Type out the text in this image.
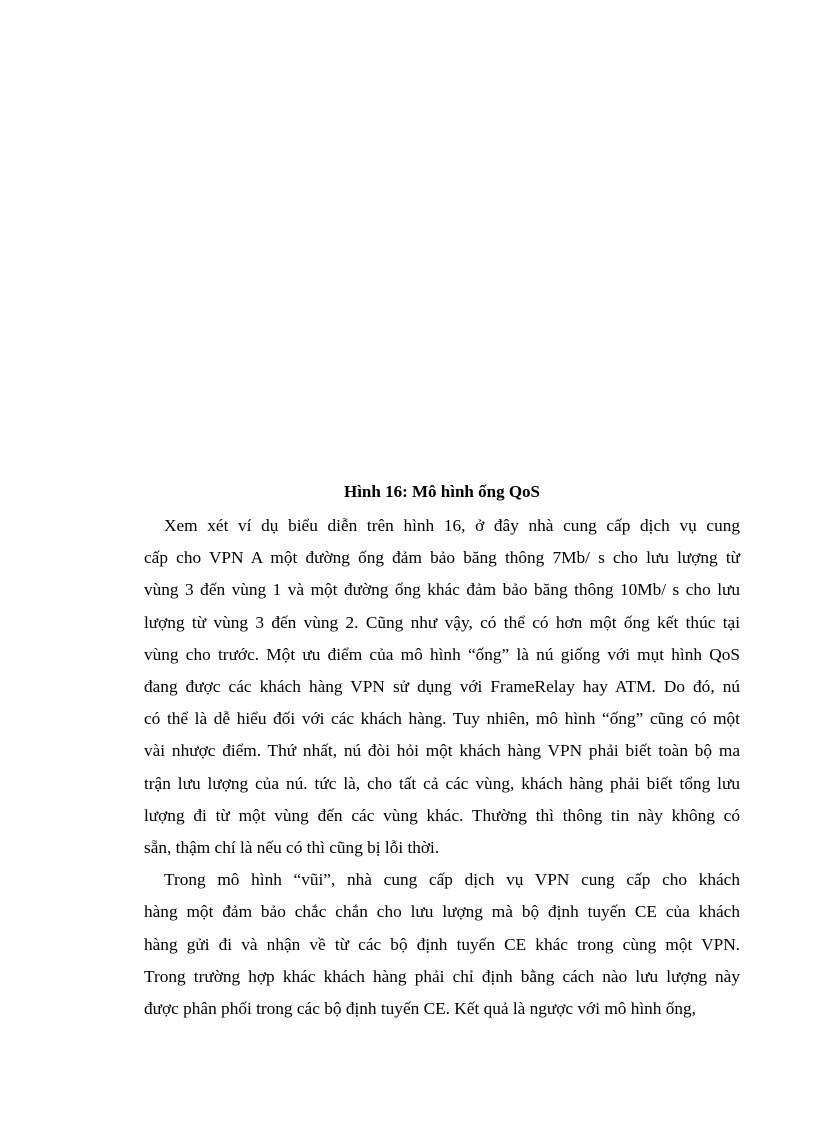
Hình 16: Mô hình ống QoS

Xem xét ví dụ biểu diễn trên hình 16, ở đây nhà cung cấp dịch vụ cung
cấp cho VPN A một đường ống đảm bảo băng thông 7Mb/ s cho lưu lượng từ
vùng 3 đến vùng 1 và một đường ống khác đảm bảo băng thông 10Mb/ s cho lưu
lượng từ vùng 3 đến vùng 2. Cũng như vậy, có thể có hơn một ống kết thúc tại
vùng cho trước. Một ưu điểm của mô hình “ống” là nú giống với mụt hình QoS
đang được các khách hàng VPN sử dụng với FrameRelay hay ATM. Do đó, nú
có thể là dễ hiểu đối với các khách hàng. Tuy nhiên, mô hình “ống” cũng có một
vài nhược điểm. Thứ nhất, nú đòi hỏi một khách hàng VPN phải biết toàn bộ ma
trận lưu lượng của nú. tức là, cho tất cả các vùng, khách hàng phải biết tổng lưu
lượng đi từ một vùng đến các vùng khác. Thường thì thông tin này không có
sẵn, thậm chí là nếu có thì cũng bị lỗi thời.

Trong mô hình “vũi”, nhà cung cấp dịch vụ VPN cung cấp cho khách
hàng một đảm bảo chắc chắn cho lưu lượng mà bộ định tuyến CE của khách
hàng gửi đi và nhận về từ các bộ định tuyến CE khác trong cùng một VPN.
Trong trường hợp khác khách hàng phải chỉ định bằng cách nào lưu lượng này
được phân phối trong các bộ định tuyến CE. Kết quả là ngược với mô hình ống,
